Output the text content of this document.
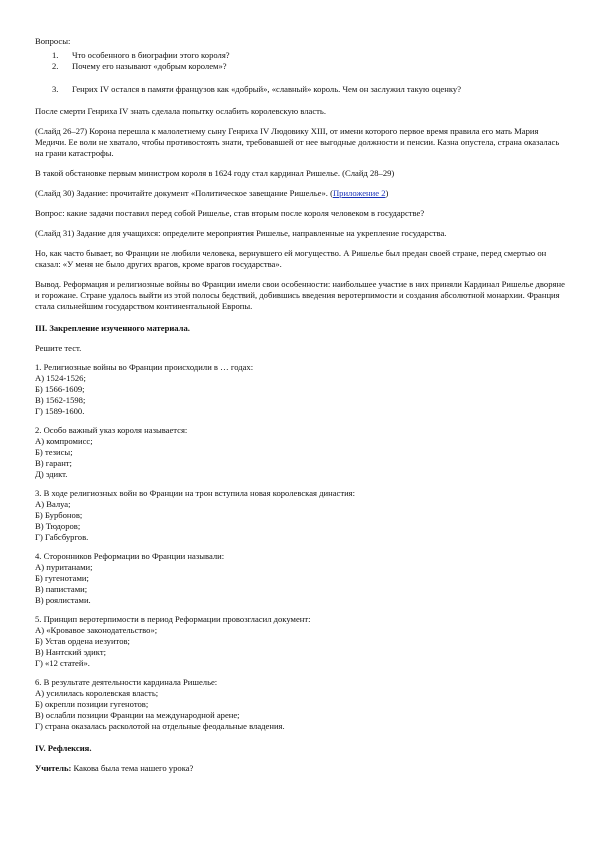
Вопросы:

1. Что особенного в биографии этого короля?
2. Почему его называют «добрым королем»?
3. Генрих IV остался в памяти французов как «добрый», «славный» король. Чем он заслужил такую оценку?

После смерти Генриха IV знать сделала попытку ослабить королевскую власть.

(Слайд 26–27) Корона перешла к малолетнему сыну Генриха IV Людовику XIII, от имени которого первое время правила его мать Мария Медичи. Ее воли не хватало, чтобы противостоять знати, требовавшей от нее выгодные должности и пенсии. Казна опустела, страна оказалась на грани катастрофы.

В такой обстановке первым министром короля в 1624 году стал кардинал Ришелье. (Слайд 28–29)

(Слайд 30) Задание: прочитайте документ «Политическое завещание Ришелье». (Приложение 2)

Вопрос: какие задачи поставил перед собой Ришелье, став вторым после короля человеком в государстве?

(Слайд 31) Задание для учащихся: определите мероприятия Ришелье, направленные на укрепление государства.

Но, как часто бывает, во Франции не любили человека, вернувшего ей могущество. А Ришелье был предан своей стране, перед смертью он сказал: «У меня не было других врагов, кроме врагов государства».

Вывод. Реформация и религиозные войны во Франции имели свои особенности: наибольшее участие в них приняли Кардинал Ришелье дворяне и горожане. Стране удалось выйти из этой полосы бедствий, добившись введения веротерпимости и создания абсолютной монархии. Франция стала сильнейшим государством континентальной Европы.

III. Закрепление изученного материала.

Решите тест.

1. Религиозные войны во Франции происходили в … годах:

А) 1524-1526;

Б) 1566-1609;

В) 1562-1598;

Г) 1589-1600.

2. Особо важный указ короля называется:

А) компромисс;

Б) тезисы;

В) гарант;

Д) эдикт.

3. В ходе религиозных войн во Франции на трон вступила новая королевская династия:

А) Валуа;

Б) Бурбонов;

В) Тюдоров;

Г) Габсбургов.

4. Сторонников Реформации во Франции называли:

А) пуританами;

Б) гугенотами;

В) папистами;

В) роялистами.

5. Принцип веротерпимости в период Реформации провозгласил документ:

А) «Кровавое законодательство»;

Б) Устав ордена иезуитов;

В) Нантский эдикт;

Г) «12 статей».

6. В результате деятельности кардинала Ришелье:

А) усилилась королевская власть;

Б) окрепли позиции гугенотов;

В) ослабли позиции Франции на международной арене;

Г) страна оказалась расколотой на отдельные феодальные владения.

IV. Рефлексия.

Учитель: Какова была тема нашего урока?
